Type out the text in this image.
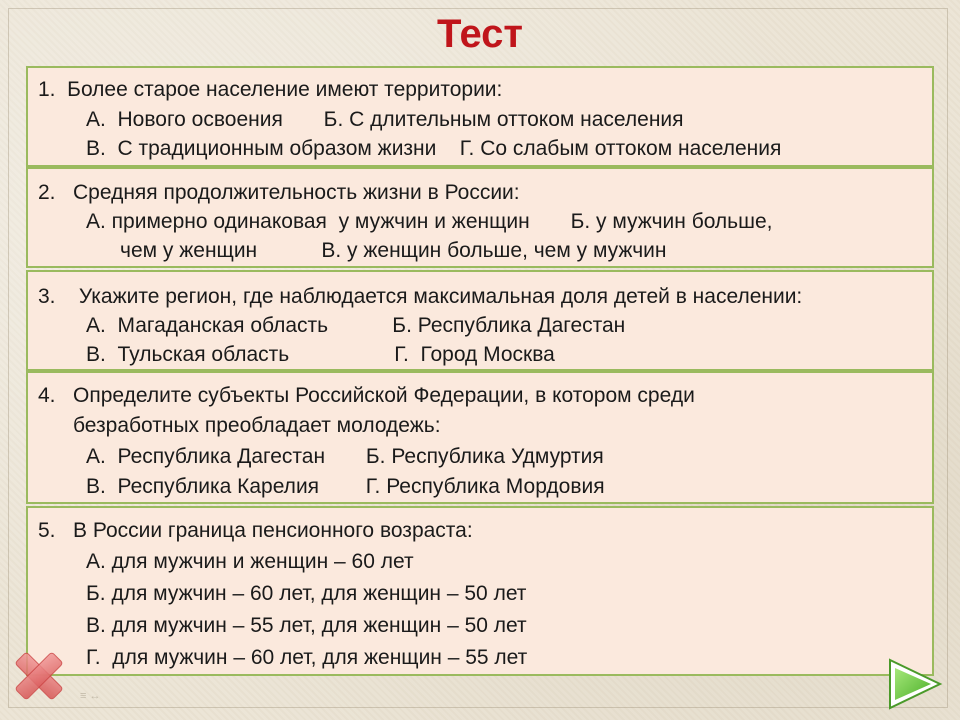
Тест
1.  Более старое население имеют территории:
А.  Нового освоения       Б. С длительным оттоком населения
В.  С традиционным образом жизни    Г. Со слабым оттоком населения
2.   Средняя продолжительность жизни в России:
А. примерно одинаковая  у мужчин и женщин       Б. у мужчин больше,
чем у женщин           В. у женщин больше, чем у мужчин
3.    Укажите регион, где наблюдается максимальная доля детей в населении:
А.  Магаданская область           Б. Республика Дагестан
В.  Тульская область                  Г.  Город Москва
4.   Определите субъекты Российской Федерации, в котором среди
безработных преобладает молодежь:
А.  Республика Дагестан       Б. Республика Удмуртия
В.  Республика Карелия        Г. Республика Мордовия
5.   В России граница пенсионного возраста:
А. для мужчин и женщин – 60 лет
Б. для мужчин – 60 лет, для женщин – 50 лет
В. для мужчин – 55 лет, для женщин – 50 лет
Г.  для мужчин – 60 лет, для женщин – 55 лет
≡ ↔
